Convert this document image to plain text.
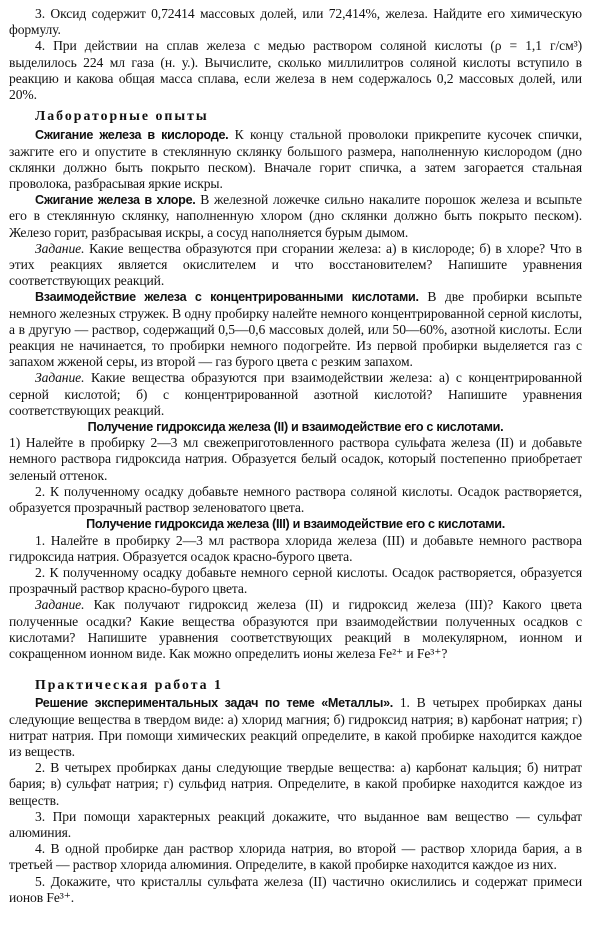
3. Оксид содержит 0,72414 массовых долей, или 72,414%, железа. Найдите его химическую формулу.

4. При действии на сплав железа с медью раствором соляной кислоты (ρ = 1,1 г/см³) выделилось 224 мл газа (н. у.). Вычислите, сколько миллилитров соляной кислоты вступило в реакцию и какова общая масса сплава, если железа в нем содержалось 0,2 массовых долей, или 20%.

Лабораторные опыты

Сжигание железа в кислороде. К концу стальной проволоки прикрепите кусочек спички, зажгите его и опустите в стеклянную склянку большого размера, наполненную кислородом (дно склянки должно быть покрыто песком). Вначале горит спичка, а затем загорается стальная проволока, разбрасывая яркие искры.

Сжигание железа в хлоре. В железной ложечке сильно накалите порошок железа и всыпьте его в стеклянную склянку, наполненную хлором (дно склянки должно быть покрыто песком). Железо горит, разбрасывая искры, а сосуд наполняется бурым дымом.

Задание. Какие вещества образуются при сгорании железа: а) в кислороде; б) в хлоре? Что в этих реакциях является окислителем и что восстановителем? Напишите уравнения соответствующих реакций.

Взаимодействие железа с концентрированными кислотами. В две пробирки всыпьте немного железных стружек. В одну пробирку налейте немного концентрированной серной кислоты, а в другую — раствор, содержащий 0,5—0,6 массовых долей, или 50—60%, азотной кислоты. Если реакция не начинается, то пробирки немного подогрейте. Из первой пробирки выделяется газ с запахом жженой серы, из второй — газ бурого цвета с резким запахом.

Задание. Какие вещества образуются при взаимодействии железа: а) с концентрированной серной кислотой; б) с концентрированной азотной кислотой? Напишите уравнения соответствующих реакций.

Получение гидроксида железа (II) и взаимодействие его с кислотами.

1) Налейте в пробирку 2—3 мл свежеприготовленного раствора сульфата железа (II) и добавьте немного раствора гидроксида натрия. Образуется белый осадок, который постепенно приобретает зеленый оттенок.

2. К полученному осадку добавьте немного раствора соляной кислоты. Осадок растворяется, образуется прозрачный раствор зеленоватого цвета.

Получение гидроксида железа (III) и взаимодействие его с кислотами.

1. Налейте в пробирку 2—3 мл раствора хлорида железа (III) и добавьте немного раствора гидроксида натрия. Образуется осадок красно-бурого цвета.

2. К полученному осадку добавьте немного серной кислоты. Осадок растворяется, образуется прозрачный раствор красно-бурого цвета.

Задание. Как получают гидроксид железа (II) и гидроксид железа (III)? Какого цвета полученные осадки? Какие вещества образуются при взаимодействии полученных осадков с кислотами? Напишите уравнения соответствующих реакций в молекулярном, ионном и сокращенном ионном виде. Как можно определить ионы железа Fe²⁺ и Fe³⁺?

Практическая работа 1

Решение экспериментальных задач по теме «Металлы». 1. В четырех пробирках даны следующие вещества в твердом виде: а) хлорид магния; б) гидроксид натрия; в) карбонат натрия; г) нитрат натрия. При помощи химических реакций определите, в какой пробирке находится каждое из веществ.

2. В четырех пробирках даны следующие твердые вещества: а) карбонат кальция; б) нитрат бария; в) сульфат натрия; г) сульфид натрия. Определите, в какой пробирке находится каждое из веществ.

3. При помощи характерных реакций докажите, что выданное вам вещество — сульфат алюминия.

4. В одной пробирке дан раствор хлорида натрия, во второй — раствор хлорида бария, а в третьей — раствор хлорида алюминия. Определите, в какой пробирке находится каждое из них.

5. Докажите, что кристаллы сульфата железа (II) частично окислились и содержат примеси ионов Fe³⁺.
